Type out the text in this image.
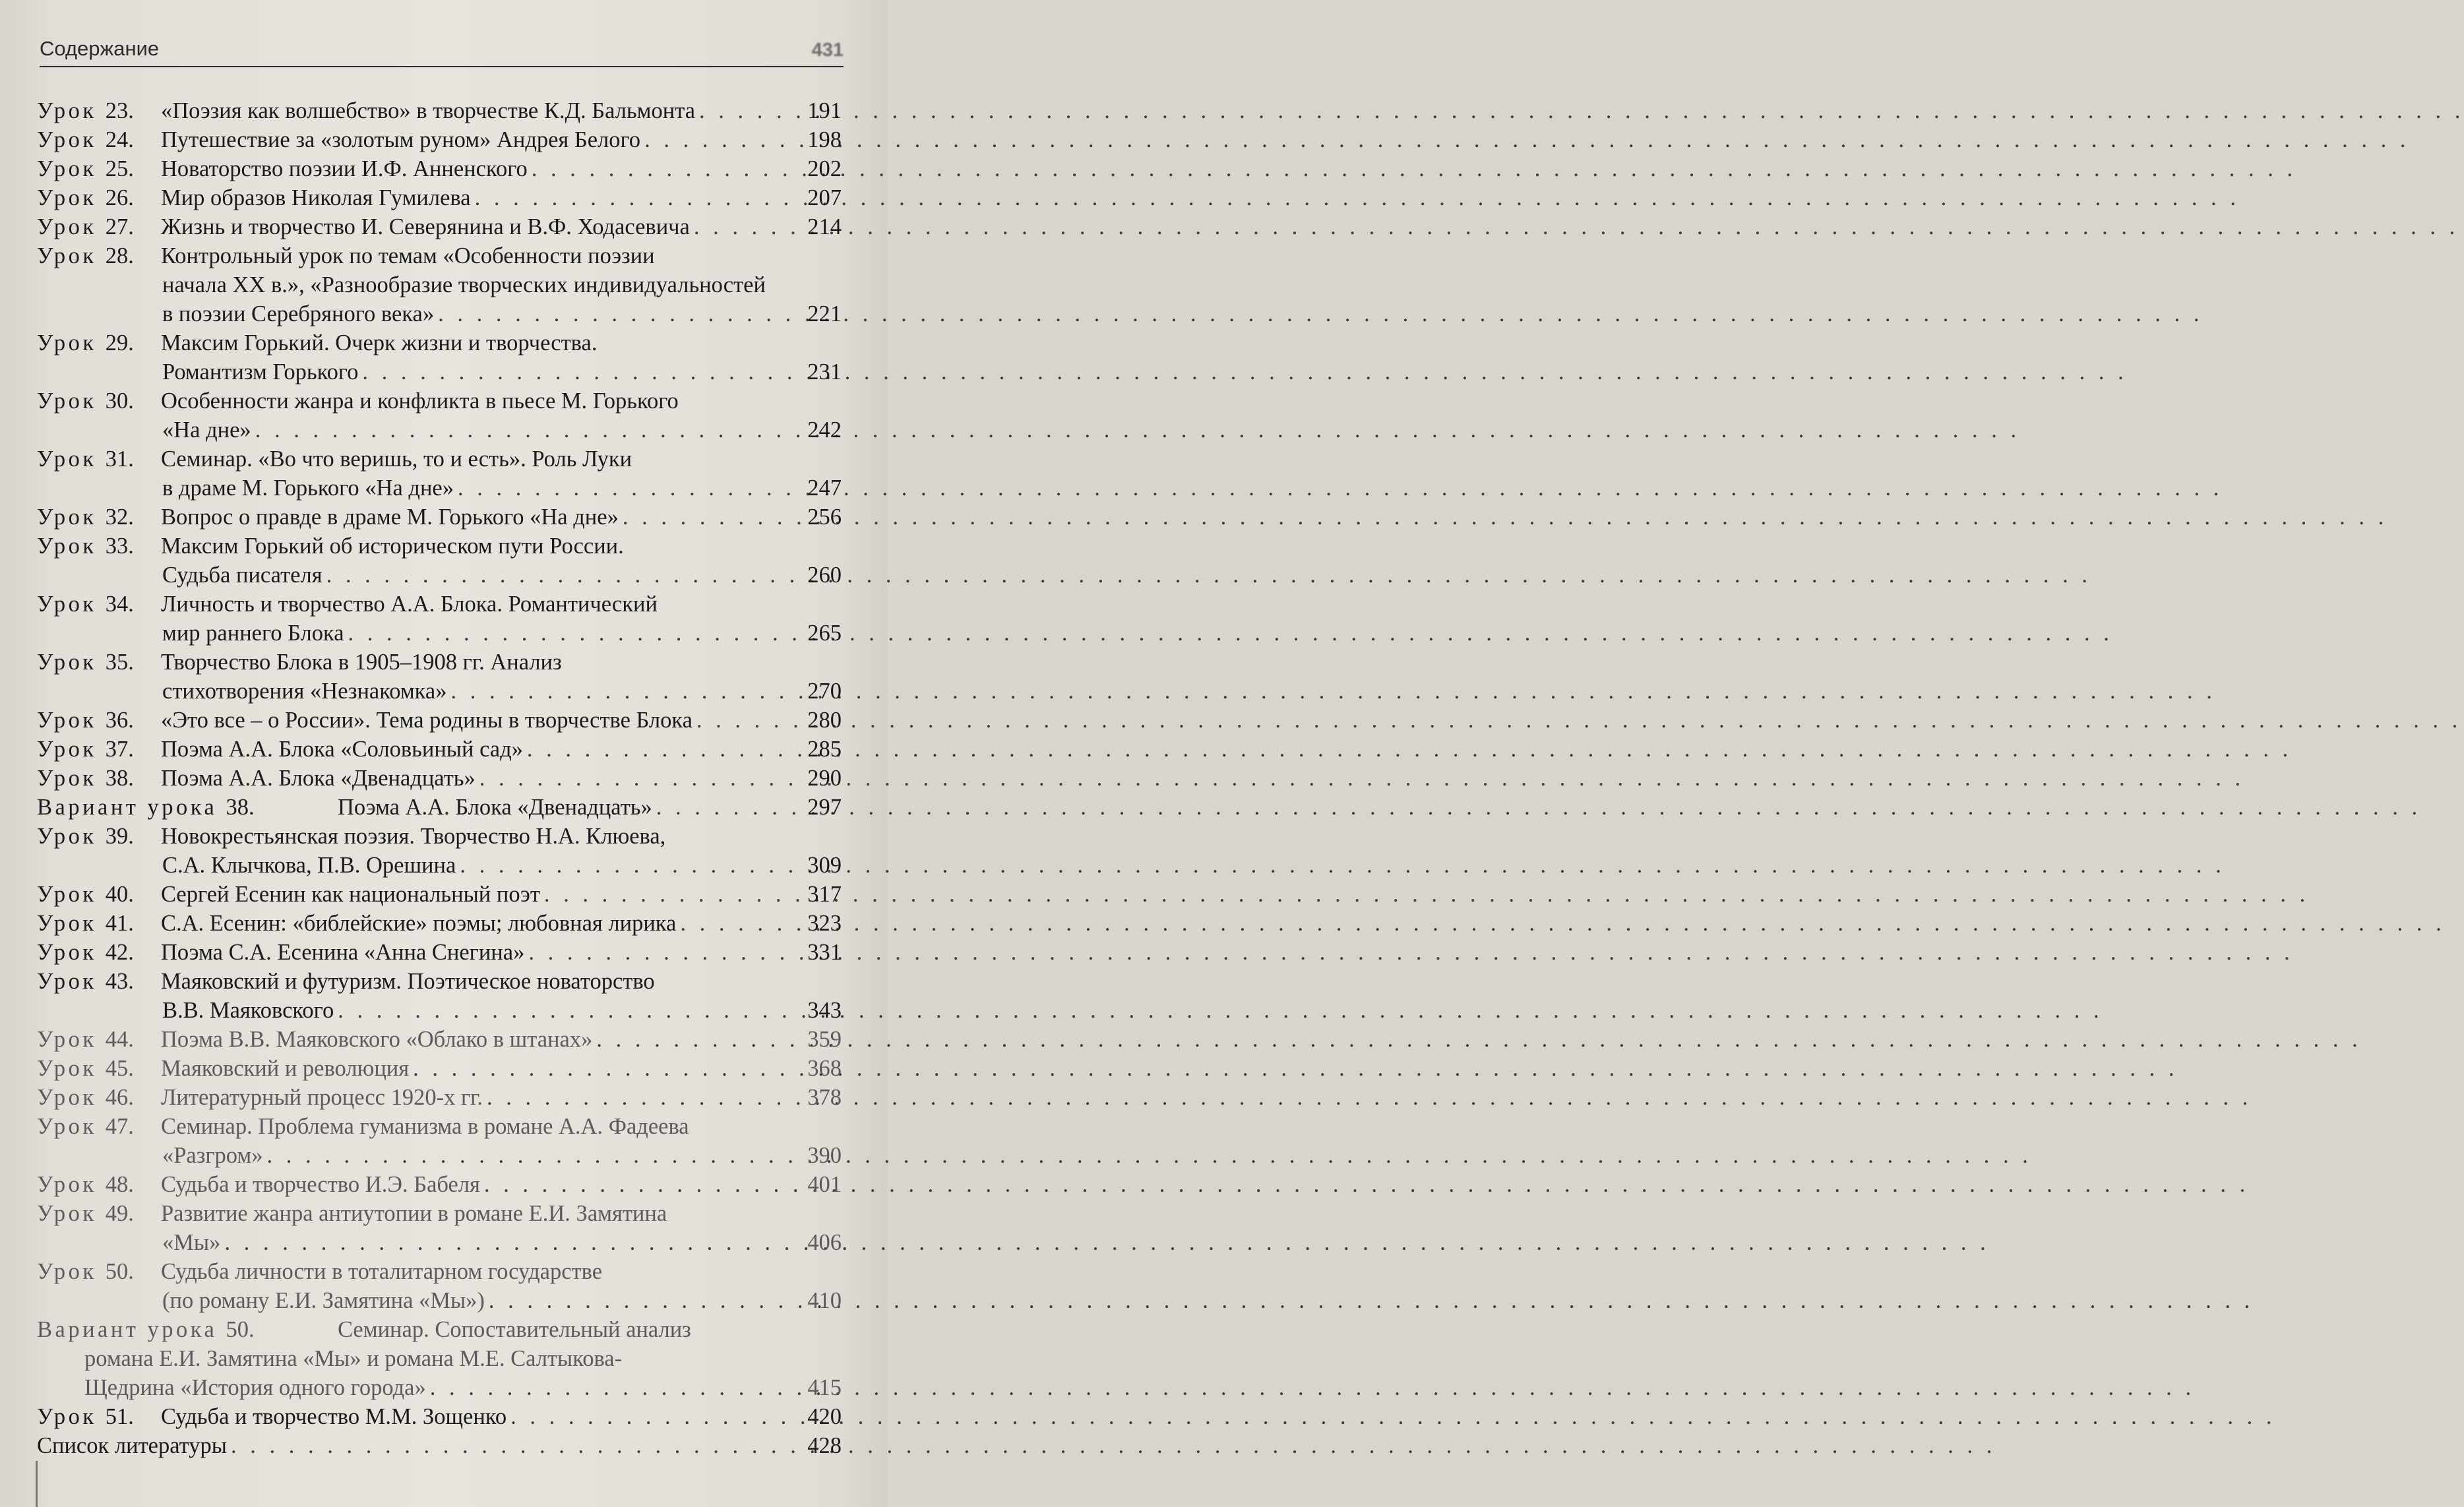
Содержание	431
Урок 23.	«Поэзия как волшебство» в творчестве К.Д. Бальмонта . . .	191
Урок 24.	Путешествие за «золотым руном» Андрея Белого . . .	198
Урок 25.	Новаторство поэзии И.Ф. Анненского . . .	202
Урок 26.	Мир образов Николая Гумилева . . .	207
Урок 27.	Жизнь и творчество И. Северянина и В.Ф. Ходасевича . . .	214
Урок 28.	Контрольный урок по темам «Особенности поэзии
начала XX в.», «Разнообразие творческих индивидуальностей
в поэзии Серебряного века» . . .	221
Урок 29.	Максим Горький. Очерк жизни и творчества.
Романтизм Горького . . .	231
Урок 30.	Особенности жанра и конфликта в пьесе М. Горького
«На дне» . . .	242
Урок 31.	Семинар. «Во что веришь, то и есть». Роль Луки
в драме М. Горького «На дне» . . .	247
Урок 32.	Вопрос о правде в драме М. Горького «На дне» . . .	256
Урок 33.	Максим Горький об историческом пути России.
Судьба писателя . . .	260
Урок 34.	Личность и творчество А.А. Блока. Романтический
мир раннего Блока . . .	265
Урок 35.	Творчество Блока в 1905–1908 гг. Анализ
стихотворения «Незнакомка» . . .	270
Урок 36.	«Это все – о России». Тема родины в творчестве Блока . . .	280
Урок 37.	Поэма А.А. Блока «Соловьиный сад» . . .	285
Урок 38.	Поэма А.А. Блока «Двенадцать» . . .	290
Вариант урока 38.	Поэма А.А. Блока «Двенадцать» . . .	297
Урок 39.	Новокрестьянская поэзия. Творчество Н.А. Клюева,
С.А. Клычкова, П.В. Орешина . . .	309
Урок 40.	Сергей Есенин как национальный поэт . . .	317
Урок 41.	С.А. Есенин: «библейские» поэмы; любовная лирика . . .	323
Урок 42.	Поэма С.А. Есенина «Анна Снегина» . . .	331
Урок 43.	Маяковский и футуризм. Поэтическое новаторство
В.В. Маяковского . . .	343
Урок 44.	Поэма В.В. Маяковского «Облако в штанах» . . .	359
Урок 45.	Маяковский и революция . . .	368
Урок 46.	Литературный процесс 1920-х гг. . . .	378
Урок 47.	Семинар. Проблема гуманизма в романе А.А. Фадеева
«Разгром» . . .	390
Урок 48.	Судьба и творчество И.Э. Бабеля . . .	401
Урок 49.	Развитие жанра антиутопии в романе Е.И. Замятина
«Мы» . . .	406
Урок 50.	Судьба личности в тоталитарном государстве
(по роману Е.И. Замятина «Мы») . . .	410
Вариант урока 50.	Семинар. Сопоставительный анализ
романа Е.И. Замятина «Мы» и романа М.Е. Салтыкова-
Щедрина «История одного города» . . .	415
Урок 51.	Судьба и творчество М.М. Зощенко . . .	420
Список литературы . . .	428
